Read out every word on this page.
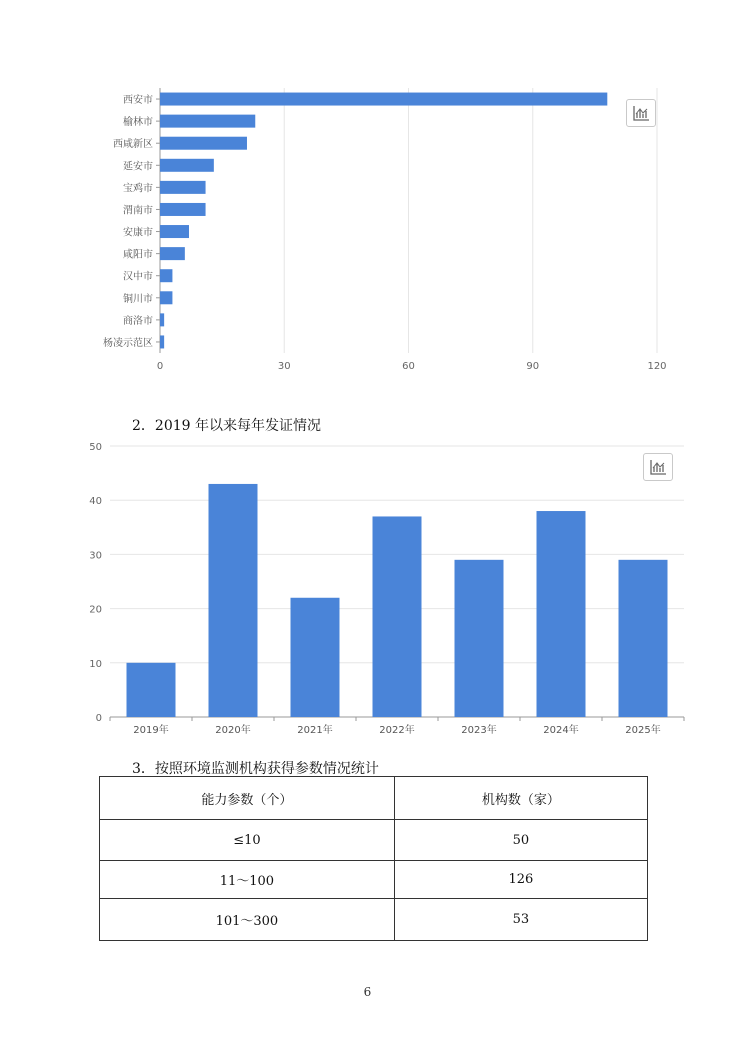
0	30	60	90	120
西安市
榆林市
西咸新区
延安市
宝鸡市
渭南市
安康市
咸阳市
汉中市
铜川市
商洛市
杨凌示范区
2．2019 年以来每年发证情况
0
10
20
30
40
50
2019年	2020年	2021年	2022年	2023年	2024年	2025年
3．按照环境监测机构获得参数情况统计
能力参数（个）	机构数（家）
≤10	50
11～100	126
101～300	53
6
